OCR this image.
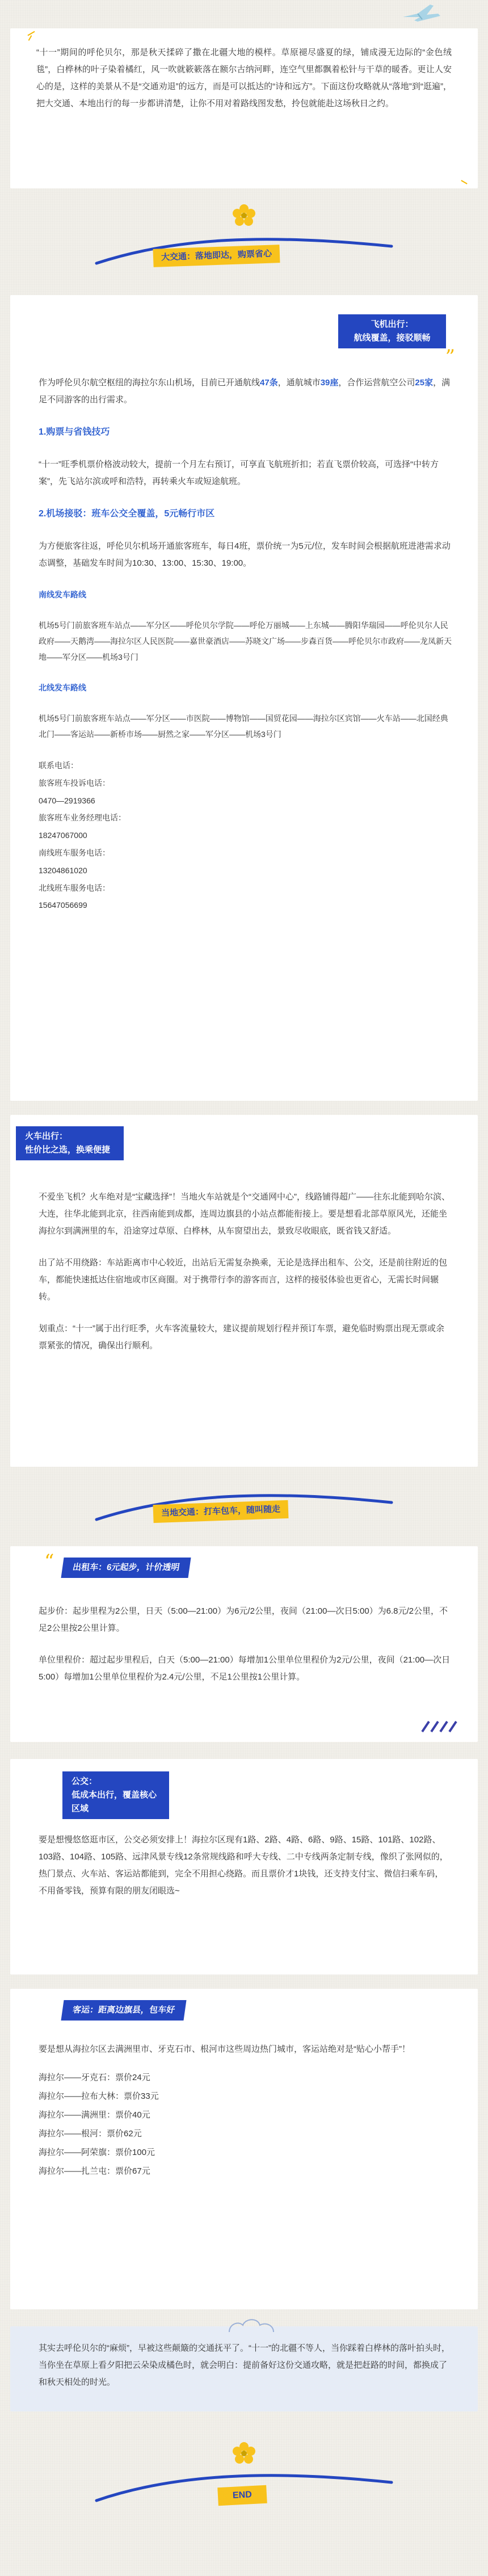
“十一”期间的呼伦贝尔，那是秋天揉碎了撒在北疆大地的模样。草原褪尽盛夏的绿，铺成漫无边际的“金色绒毯”，白桦林的叶子染着橘红，风一吹就簌簌落在额尔古纳河畔，连空气里都飘着松针与干草的暖香。更让人安心的是，这样的美景从不是“交通劝退”的远方，而是可以抵达的“诗和远方”。下面这份攻略就从“落地”到“逛遍”，把大交通、本地出行的每一步都讲清楚，让你不用对着路线图发愁，拎包就能赴这场秋日之约。
大交通：落地即达，购票省心
飞机出行：
航线覆盖，接驳顺畅
”

作为呼伦贝尔航空枢纽的海拉尔东山机场，目前已开通航线47条，通航城市39座，合作运营航空公司25家，满足不同游客的出行需求。

1.购票与省钱技巧

“十一”旺季机票价格波动较大，提前一个月左右预订，可享直飞航班折扣；若直飞票价较高，可选择“中转方案”，先飞站尔滨或呼和浩特，再转乘火车或短途航班。

2.机场接驳：班车公交全覆盖，5元畅行市区

为方便旅客往返，呼伦贝尔机场开通旅客班车，每日4班，票价统一为5元/位，发车时间会根据航班进港需求动态调整，基础发车时间为10:30、13:00、15:30、19:00。

南线发车路线

机场5号门前旅客班车站点——军分区——呼伦贝尔学院——呼伦万丽城——上东城——腾阳华瑞园——呼伦贝尔人民政府——天鹅湾——海拉尔区人民医院——嘉世豪酒店——苏晓文广场——步森百货——呼伦贝尔市政府——龙凤新天地——军分区——机场3号门

北线发车路线

机场5号门前旅客班车站点——军分区——市医院——博物馆——国贸花园——海拉尔区宾馆——火车站——北国经典北门——客运站——新桥市场——厨然之家——军分区——机场3号门

联系电话：
旅客班车投诉电话：
0470—2919366
旅客班车业务经理电话：
18247067000
南线班车服务电话：
13204861020
北线班车服务电话：
15647056699
火车出行：
性价比之选，换乘便捷

不爱坐飞机？火车绝对是“宝藏选择”！当地火车站就是个“交通网中心”，线路铺得超广——往东北能到哈尔滨、大连，往华北能到北京，往西南能到成都，连周边旗县的小站点都能衔接上。要是想看北部草原风光，还能坐海拉尔到满洲里的车，沿途穿过草原、白桦林，从车窗望出去，景致尽收眼底，既省钱又舒适。

出了站不用绕路：车站距离市中心较近，出站后无需复杂换乘，无论是选择出租车、公交，还是前往附近的包车，都能快速抵达住宿地或市区商圈。对于携带行李的游客而言，这样的接驳体验也更省心，无需长时间辗转。

划重点：“十一”属于出行旺季，火车客流量较大，建议提前规划行程并预订车票，避免临时购票出现无票或余票紧张的情况，确保出行顺利。

当地交通：打车包车，随叫随走
出租车：6元起步，计价透明
“

起步价：起步里程为2公里，日天（5:00—21:00）为6元/2公里，夜间（21:00—次日5:00）为6.8元/2公里，不足2公里按2公里计算。

单位里程价：超过起步里程后，白天（5:00—21:00）每增加1公里单位里程价为2元/公里，夜间（21:00—次日5:00）每增加1公里单位里程价为2.4元/公里，不足1公里按1公里计算。

公交：
低成本出行，覆盖核心区域

要是想慢悠悠逛市区，公交必须安排上！海拉尔区现有1路、2路、4路、6路、9路、15路、101路、102路、103路、104路、105路、远津风景专线12条常规线路和呼大专线、二中专线两条定制专线，像织了张网似的，热门景点、火车站、客运站都能到，完全不用担心绕路。而且票价才1块钱，还支持支付宝、微信扫乘车码，不用备零钱，预算有限的朋友闭眼选~

客运：距离边旗县，包车好

要是想从海拉尔区去满洲里市、牙克石市、根河市这些周边热门城市，客运站绝对是“贴心小帮手”！

海拉尔——牙克石：票价24元
海拉尔——拉布大林：票价33元
海拉尔——满洲里：票价40元
海拉尔——根河：票价62元
海拉尔——阿荣旗：票价100元
海拉尔——扎兰屯：票价67元
其实去呼伦贝尔的“麻烦”，早被这些颠簸的交通抚平了。“十一”的北疆不等人，当你踩着白桦林的落叶拍头时，当你坐在草原上看夕阳把云朵染成橘色时，就会明白：提前备好这份交通攻略，就是把赶路的时间，都换成了和秋天相处的时光。
END
